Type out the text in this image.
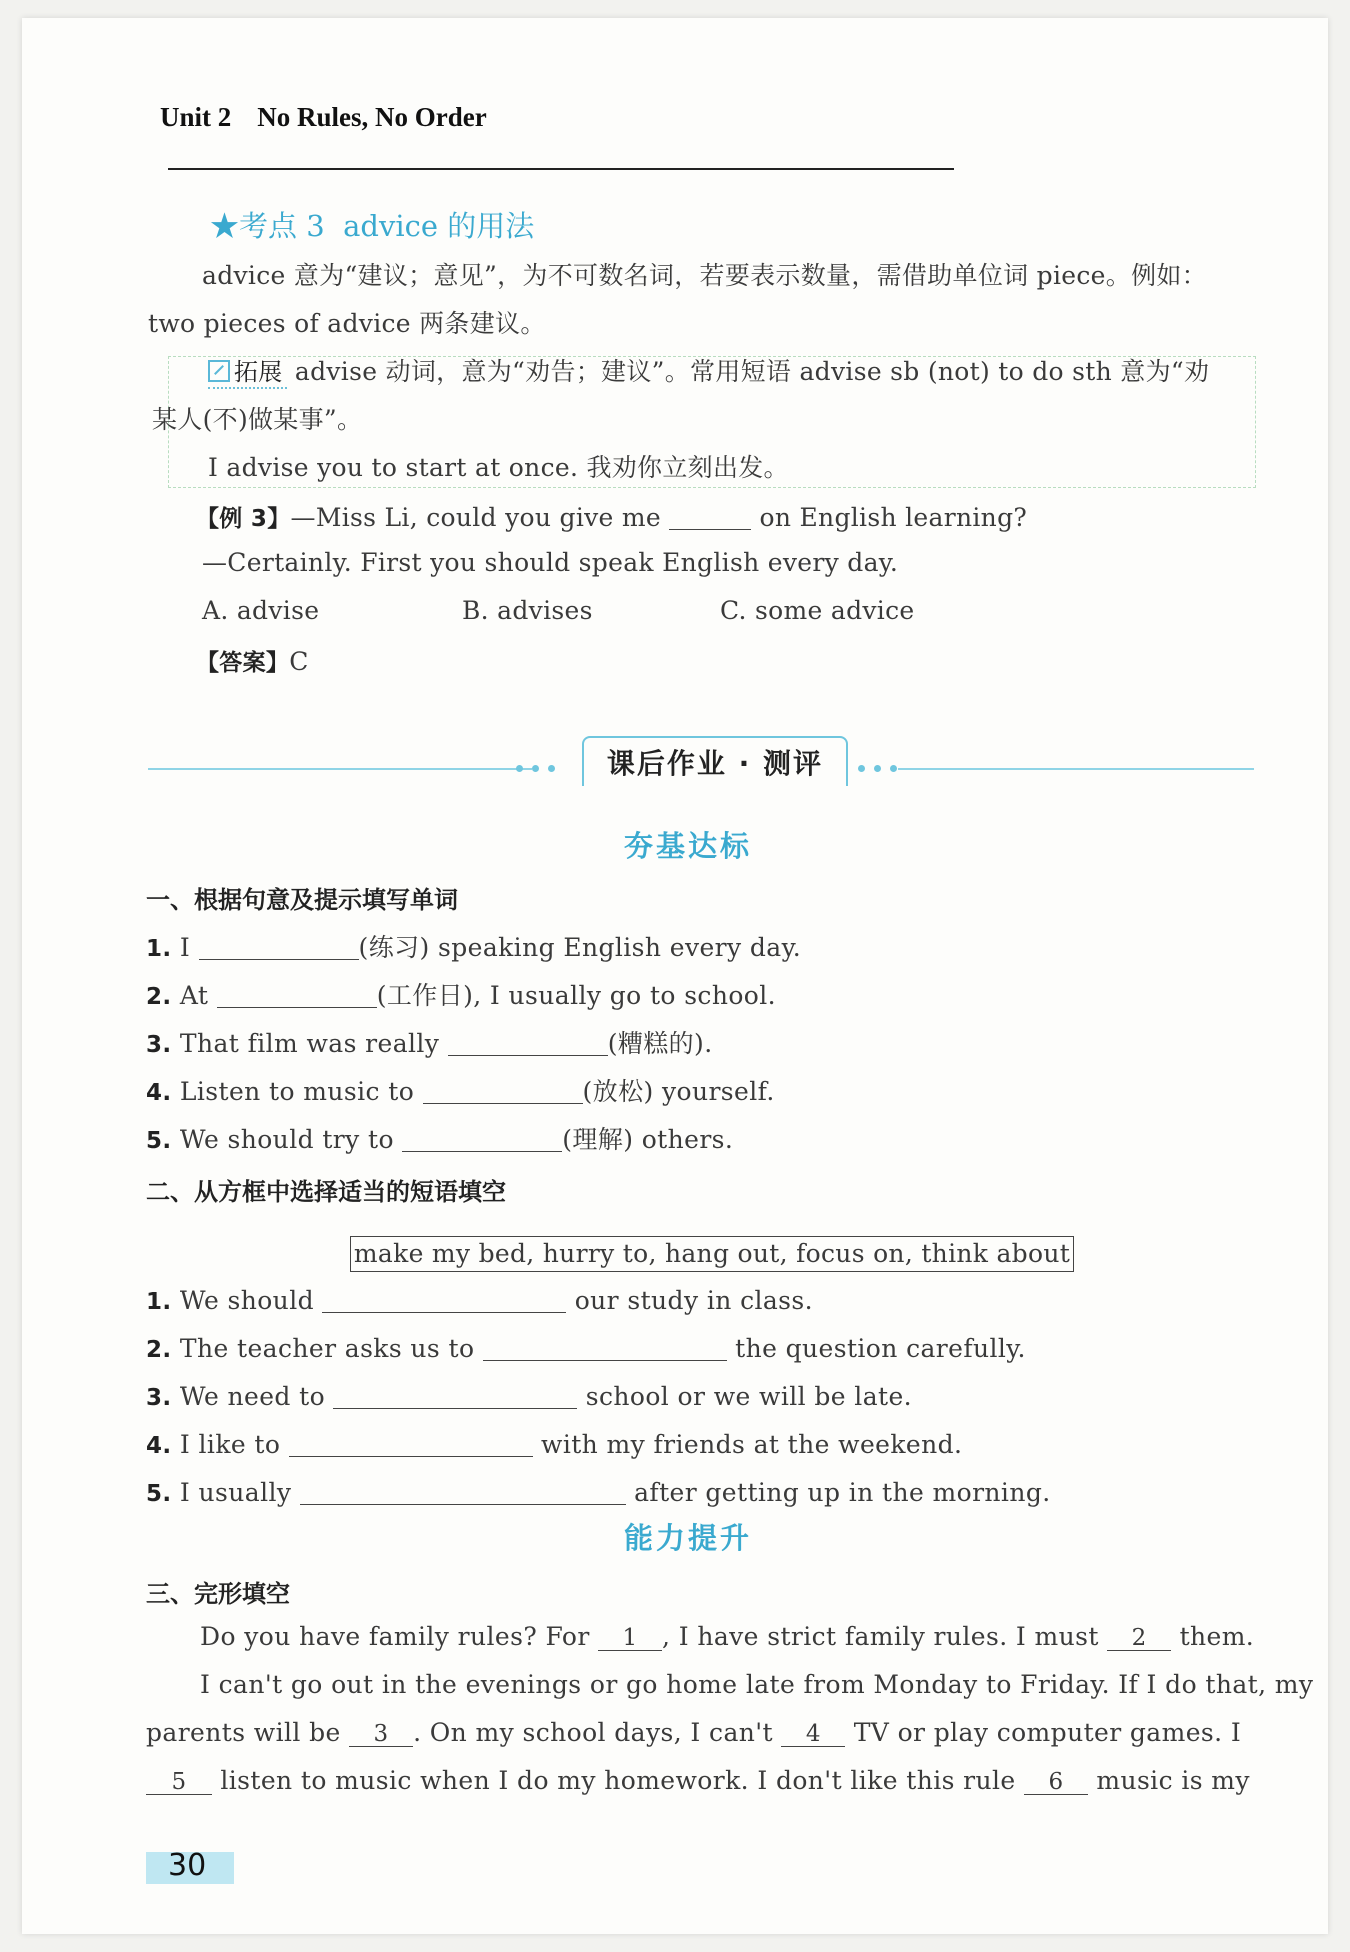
Unit 2 No Rules, No Order
★考点 3 advice 的用法
advice 意为“建议；意见”，为不可数名词，若要表示数量，需借助单位词 piece。例如：
two pieces of advice 两条建议。
拓展 advise 动词，意为“劝告；建议”。常用短语 advise sb (not) to do sth 意为“劝
某人(不)做某事”。
I advise you to start at once. 我劝你立刻出发。
【例 3】—Miss Li, could you give me	on English learning?
—Certainly. First you should speak English every day.
A. advise	B. advises	C. some advice
【答案】C
课后作业 · 测评
夯基达标
一、根据句意及提示填写单词
1. I	(练习) speaking English every day.
2. At	(工作日), I usually go to school.
3. That film was really	(糟糕的).
4. Listen to music to	(放松) yourself.
5. We should try to	(理解) others.
二、从方框中选择适当的短语填空
make my bed, hurry to, hang out, focus on, think about
1. We should	our study in class.
2. The teacher asks us to	the question carefully.
3. We need to	school or we will be late.
4. I like to	with my friends at the weekend.
5. I usually	after getting up in the morning.
能力提升
三、完形填空
Do you have family rules? For 1 , I have strict family rules. I must 2 them.
I can't go out in the evenings or go home late from Monday to Friday. If I do that, my
parents will be 3 . On my school days, I can't 4 TV or play computer games. I
5 listen to music when I do my homework. I don't like this rule 6 music is my
30
